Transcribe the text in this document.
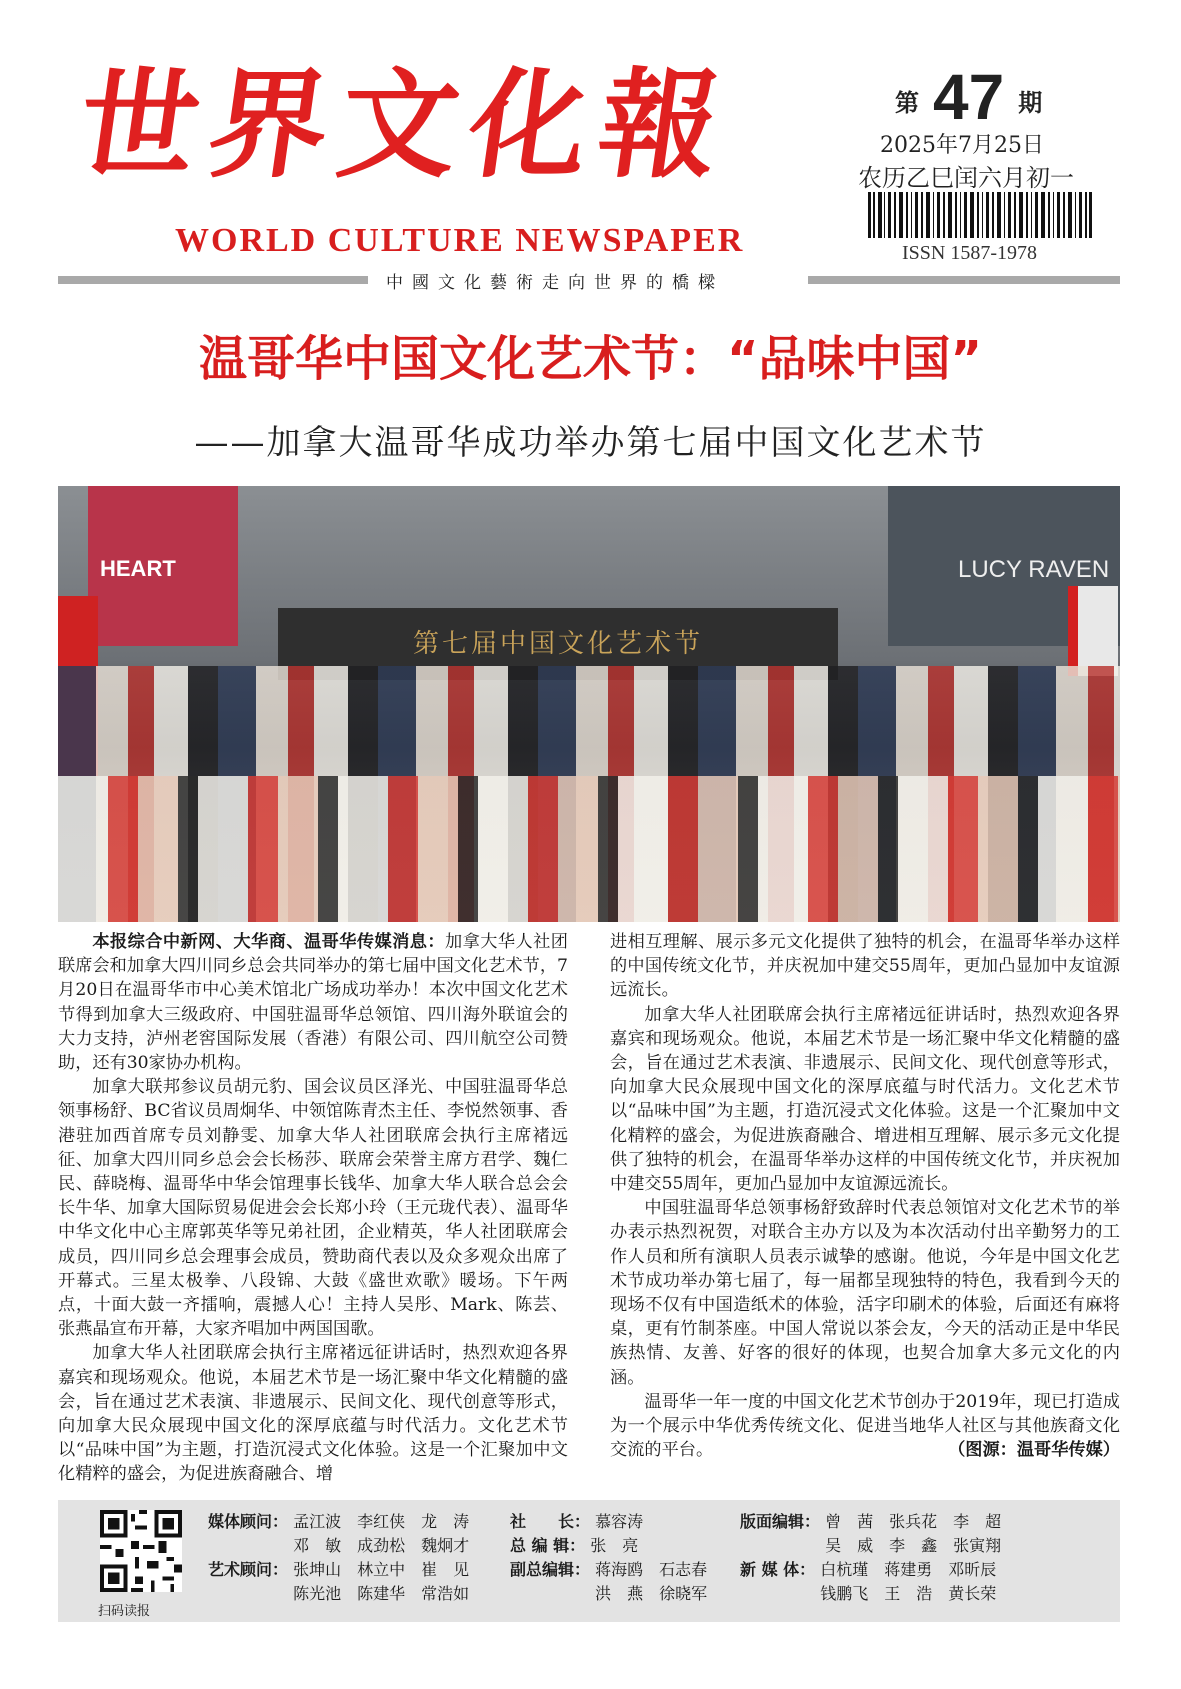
世界文化報
WORLD CULTURE NEWSPAPER
第 47 期
2025年7月25日
农历乙巳闰六月初一
ISSN 1587-1978
中國文化藝術走向世界的橋樑
温哥华中国文化艺术节：“品味中国”
——加拿大温哥华成功举办第七届中国文化艺术节
HEART	LUCY RAVEN
第七届中国文化艺术节

本报综合中新网、大华商、温哥华传媒消息：加拿大华人社团联席会和加拿大四川同乡总会共同举办的第七届中国文化艺术节，7月20日在温哥华市中心美术馆北广场成功举办！本次中国文化艺术节得到加拿大三级政府、中国驻温哥华总领馆、四川海外联谊会的大力支持，泸州老窖国际发展（香港）有限公司、四川航空公司赞助，还有30家协办机构。

加拿大联邦参议员胡元豹、国会议员区泽光、中国驻温哥华总领事杨舒、BC省议员周炯华、中领馆陈青杰主任、李悦然领事、香港驻加西首席专员刘静雯、加拿大华人社团联席会执行主席褚远征、加拿大四川同乡总会会长杨莎、联席会荣誉主席方君学、魏仁民、薛晓梅、温哥华中华会馆理事长钱华、加拿大华人联合总会会长牛华、加拿大国际贸易促进会会长郑小玲（王元珑代表）、温哥华中华文化中心主席郭英华等兄弟社团，企业精英，华人社团联席会成员，四川同乡总会理事会成员，赞助商代表以及众多观众出席了开幕式。三星太极拳、八段锦、大鼓《盛世欢歌》暖场。下午两点，十面大鼓一齐擂响，震撼人心！主持人吴彤、Mark、陈芸、张燕晶宣布开幕，大家齐唱加中两国国歌。

加拿大华人社团联席会执行主席褚远征讲话时，热烈欢迎各界嘉宾和现场观众。他说，本届艺术节是一场汇聚中华文化精髓的盛会，旨在通过艺术表演、非遗展示、民间文化、现代创意等形式，向加拿大民众展现中国文化的深厚底蕴与时代活力。文化艺术节以“品味中国”为主题，打造沉浸式文化体验。这是一个汇聚加中文化精粹的盛会，为促进族裔融合、增

进相互理解、展示多元文化提供了独特的机会，在温哥华举办这样的中国传统文化节，并庆祝加中建交55周年，更加凸显加中友谊源远流长。

加拿大华人社团联席会执行主席褚远征讲话时，热烈欢迎各界嘉宾和现场观众。他说，本届艺术节是一场汇聚中华文化精髓的盛会，旨在通过艺术表演、非遗展示、民间文化、现代创意等形式，向加拿大民众展现中国文化的深厚底蕴与时代活力。文化艺术节以“品味中国”为主题，打造沉浸式文化体验。这是一个汇聚加中文化精粹的盛会，为促进族裔融合、增进相互理解、展示多元文化提供了独特的机会，在温哥华举办这样的中国传统文化节，并庆祝加中建交55周年，更加凸显加中友谊源远流长。

中国驻温哥华总领事杨舒致辞时代表总领馆对文化艺术节的举办表示热烈祝贺，对联合主办方以及为本次活动付出辛勤努力的工作人员和所有演职人员表示诚挚的感谢。他说，今年是中国文化艺术节成功举办第七届了，每一届都呈现独特的特色，我看到今天的现场不仅有中国造纸术的体验，活字印刷术的体验，后面还有麻将桌，更有竹制茶座。中国人常说以茶会友，今天的活动正是中华民族热情、友善、好客的很好的体现，也契合加拿大多元文化的内涵。

温哥华一年一度的中国文化艺术节创办于2019年，现已打造成为一个展示中华优秀传统文化、促进当地华人社区与其他族裔文化交流的平台。	（图源：温哥华传媒）

扫码读报
媒体顾问： 孟江波　李红侠　龙　涛
邓　敏　成劲松　魏炯才
艺术顾问： 张坤山　林立中　崔　见
陈光池　陈建华　常浩如
社　　长： 慕容涛
总 编 辑： 张　亮
副总编辑： 蒋海鸥　石志春
洪　燕　徐晓军
版面编辑： 曾　茜　张兵花　李　超
吴　威　李　鑫　张寅翔
新 媒 体： 白杭瑾　蒋建勇　邓昕辰
钱鹏飞　王　浩　黄长荣
